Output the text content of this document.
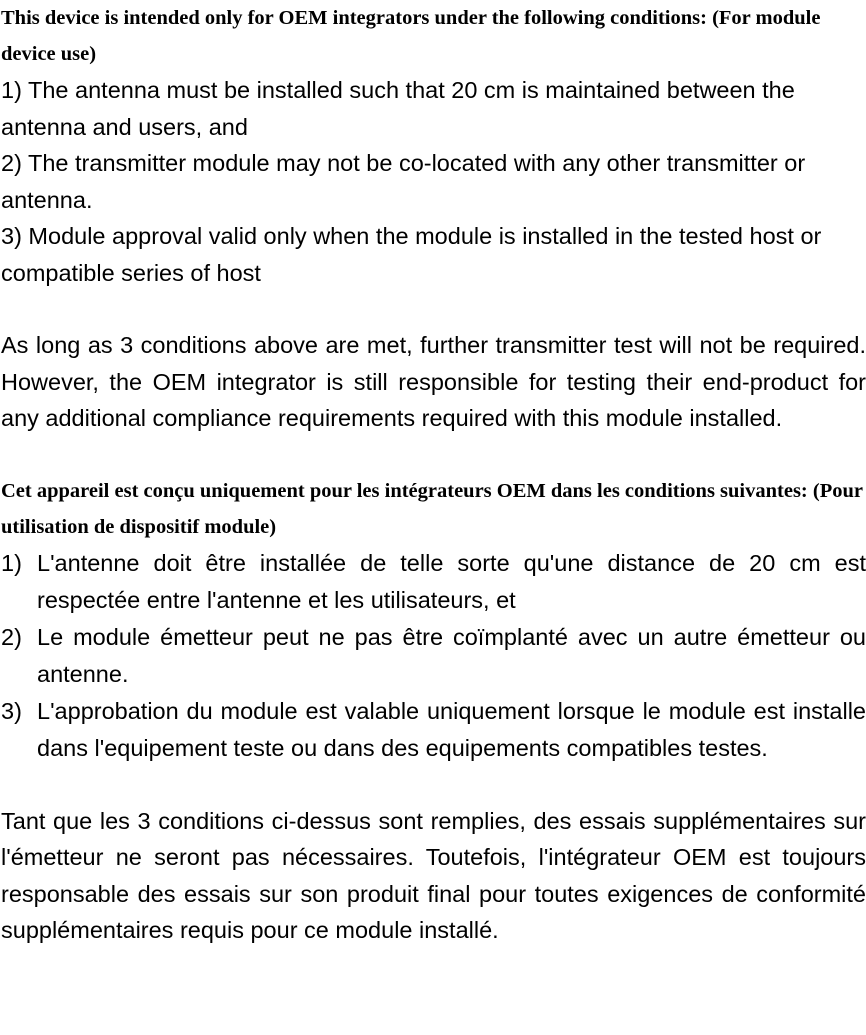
This device is intended only for OEM integrators under the following conditions: (For module device use)

1) The antenna must be installed such that 20 cm is maintained between the antenna and users, and

2) The transmitter module may not be co-located with any other transmitter or antenna.

3) Module approval valid only when the module is installed in the tested host or compatible series of host

As long as 3 conditions above are met, further transmitter test will not be required. However, the OEM integrator is still responsible for testing their end-product for any additional compliance requirements required with this module installed.

Cet appareil est conçu uniquement pour les intégrateurs OEM dans les conditions suivantes: (Pour utilisation de dispositif module)

1) L'antenne doit être installée de telle sorte qu'une distance de 20 cm est respectée entre l'antenne et les utilisateurs, et
2) Le module émetteur peut ne pas être coïmplanté avec un autre émetteur ou antenne.
3) L'approbation du module est valable uniquement lorsque le module est installe dans l'equipement teste ou dans des equipements compatibles testes.

Tant que les 3 conditions ci-dessus sont remplies, des essais supplémentaires sur l'émetteur ne seront pas nécessaires. Toutefois, l'intégrateur OEM est toujours responsable des essais sur son produit final pour toutes exigences de conformité supplémentaires requis pour ce module installé.
